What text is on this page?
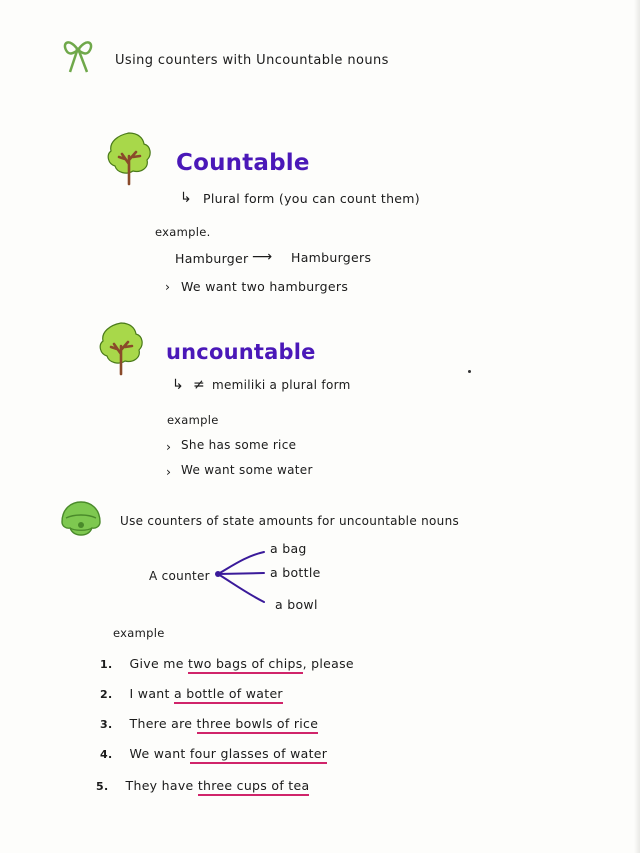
Using counters with Uncountable nouns
Countable
↳ Plural form (you can count them)
example.
Hamburger ⟶ Hamburgers
› We want two hamburgers
uncountable
↳ ≠ memiliki a plural form
example
› She has some rice
› We want some water
Use counters of state amounts for uncountable nouns
A counter
a bag
a bottle
a bowl
example
1. Give me two bags of chips, please
2. I want a bottle of water
3. There are three bowls of rice
4. We want four glasses of water
5. They have three cups of tea
